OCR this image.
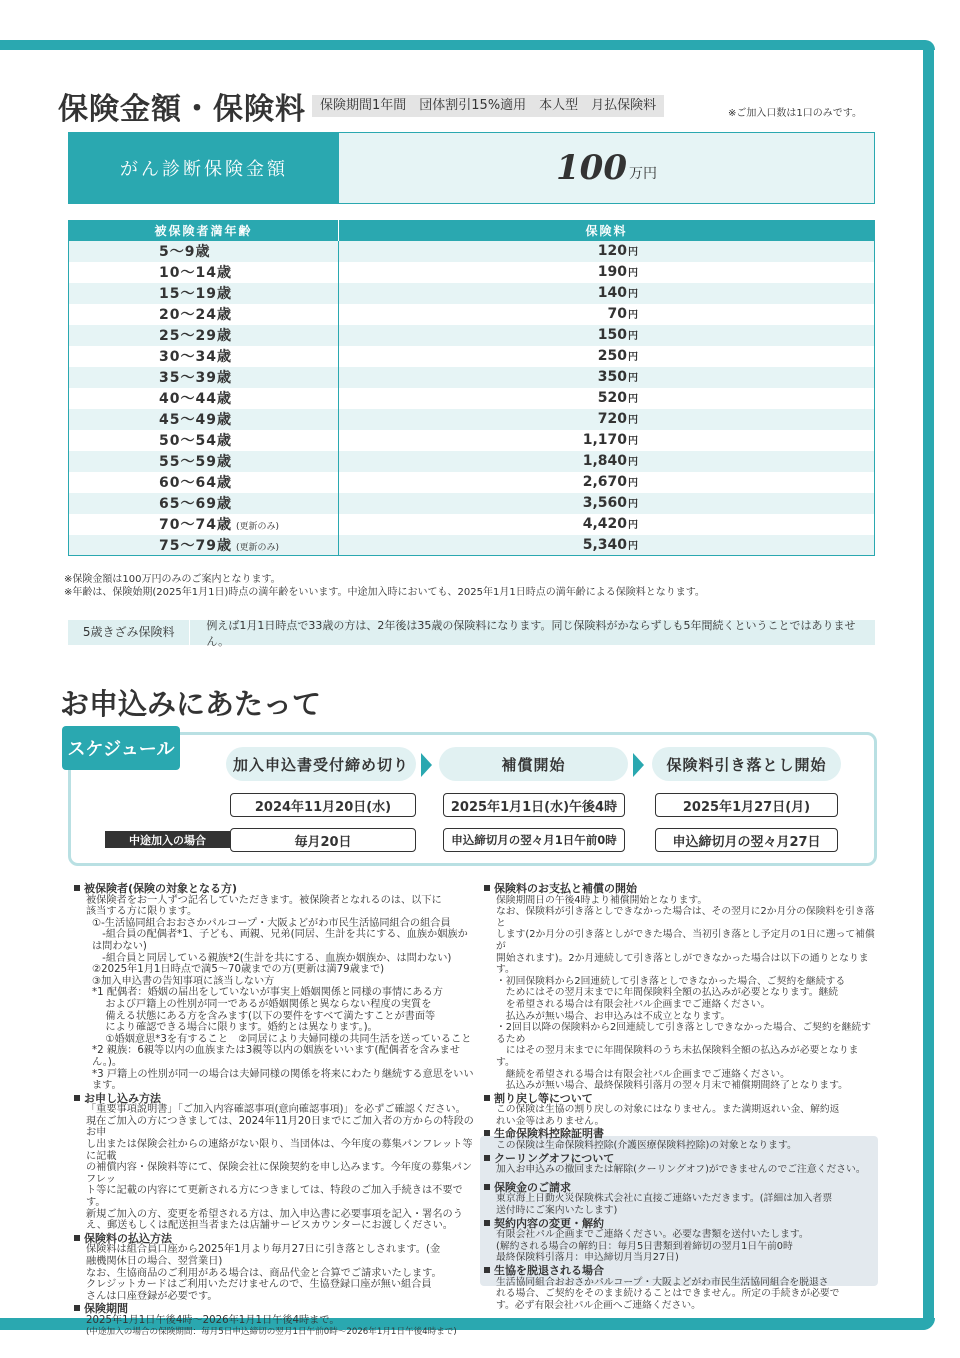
保険金額・保険料	保険期間1年間　団体割引15%適用　本人型　月払保険料
※ご加入口数は1口のみです。
がん診断保険金額	100 万円
被保険者満年齢	保険料
5～9歳	120円
10～14歳	190円
15～19歳	140円
20～24歳	70円
25～29歳	150円
30～34歳	250円
35～39歳	350円
40～44歳	520円
45～49歳	720円
50～54歳	1,170円
55～59歳	1,840円
60～64歳	2,670円
65～69歳	3,560円
70～74歳 (更新のみ)	4,420円
75～79歳 (更新のみ)	5,340円
※保険金額は100万円のみのご案内となります。
※年齢は、保険始期(2025年1月1日)時点の満年齢をいいます。中途加入時においても、2025年1月1日時点の満年齢による保険料となります。
5歳きざみ保険料	例えば1月1日時点で33歳の方は、2年後は35歳の保険料になります。同じ保険料がかならずしも5年間続くということではありません。
お申込みにあたって
スケジュール
加入申込書受付締め切り	補償開始	保険料引き落とし開始
2024年11月20日(水)	2025年1月1日(水)午後4時	2025年1月27日(月)
中途加入の場合	毎月20日	申込締切月の翌々月1日午前0時	申込締切月の翌々月27日
被保険者(保険の対象となる方)
被保険者をお一人ずつ記名していただきます。被保険者となれるのは、以下に
該当する方に限ります。
①-生活協同組合おおさかパルコープ・大阪よどがわ市民生活協同組合の組合員
　-組合員の配偶者*1、子ども、両親、兄弟(同居、生計を共にする、血族か姻族かは問わない)
　-組合員と同居している親族*2(生計を共にする、血族か姻族か、は問わない)
②2025年1月1日時点で満5～70歳までの方(更新は満79歳まで)
③加入申込書の告知事項に該当しない方
*1 配偶者：婚姻の届出をしていないが事実上婚姻関係と同様の事情にある方
　 および戸籍上の性別が同一であるが婚姻関係と異ならない程度の実質を
　 備える状態にある方を含みます(以下の要件をすべて満たすことが書面等
　 により確認できる場合に限ります。婚約とは異なります。)。
　 ①婚姻意思*3を有すること　②同居により夫婦同様の共同生活を送っていること
*2 親族：6親等以内の血族または3親等以内の姻族をいいます(配偶者を含みません。)。
*3 戸籍上の性別が同一の場合は夫婦同様の関係を将来にわたり継続する意思をいいます。
お申し込み方法
「重要事項説明書」「ご加入内容確認事項(意向確認事項)」を必ずご確認ください。
現在ご加入の方につきましては、2024年11月20日までにご加入者の方からの特段のお申
し出または保険会社からの連絡がない限り、当団体は、今年度の募集パンフレット等に記載
の補償内容・保険料等にて、保険会社に保険契約を申し込みます。今年度の募集パンフレッ
ト等に記載の内容にて更新される方につきましては、特段のご加入手続きは不要です。
新規ご加入の方、変更を希望される方は、加入申込書に必要事項を記入・署名のう
え、郵送もしくは配送担当者または店舗サービスカウンターにお渡しください。
保険料の払込方法
保険料は組合員口座から2025年1月より毎月27日に引き落としされます。(金
融機関休日の場合、翌営業日)
なお、生協商品のご利用がある場合は、商品代金と合算でご請求いたします。
クレジットカードはご利用いただけませんので、生協登録口座が無い組合員
さんは口座登録が必要です。
保険期間
2025年1月1日午後4時～2026年1月1日午後4時まで。
(中途加入の場合の保険期間：毎月5日申込締切の翌月1日午前0時～2026年1月1日午後4時まで)
保険料のお支払と補償の開始
保険期間日の午後4時より補償開始となります。
なお、保険料が引き落としできなかった場合は、その翌月に2か月分の保険料を引き落と
します(2か月分の引き落としができた場合、当初引き落とし予定月の1日に遡って補償が
開始されます)。2か月連続して引き落としができなかった場合は以下の通りとなります。
・初回保険料から2回連続して引き落としできなかった場合、ご契約を継続する
　ためにはその翌月末までに年間保険料全額の払込みが必要となります。継続
　を希望される場合は有限会社パル企画までご連絡ください。
　払込みが無い場合、お申込みは不成立となります。
・2回目以降の保険料から2回連続して引き落としできなかった場合、ご契約を継続するため
　にはその翌月末までに年間保険料のうち未払保険料全額の払込みが必要となります。
　継続を希望される場合は有限会社パル企画までご連絡ください。
　払込みが無い場合、最終保険料引落月の翌々月末で補償期間終了となります。
割り戻し等について
この保険は生協の割り戻しの対象にはなりません。また満期返れい金、解約返
れい金等はありません。
生命保険料控除証明書
この保険は生命保険料控除(介護医療保険料控除)の対象となります。
クーリングオフについて
加入お申込みの撤回または解除(クーリングオフ)ができませんのでご注意ください。
保険金のご請求
東京海上日動火災保険株式会社に直接ご連絡いただきます。(詳細は加入者票
送付時にご案内いたします)
契約内容の変更・解約
有限会社パル企画までご連絡ください。必要な書類を送付いたします。
(解約される場合の解約日：毎月5日書類到着締切の翌月1日午前0時
最終保険料引落月：申込締切月当月27日)
生協を脱退される場合
生活協同組合おおさかパルコープ・大阪よどがわ市民生活協同組合を脱退さ
れる場合、ご契約をそのまま続けることはできません。所定の手続きが必要で
す。必ず有限会社パル企画へご連絡ください。
